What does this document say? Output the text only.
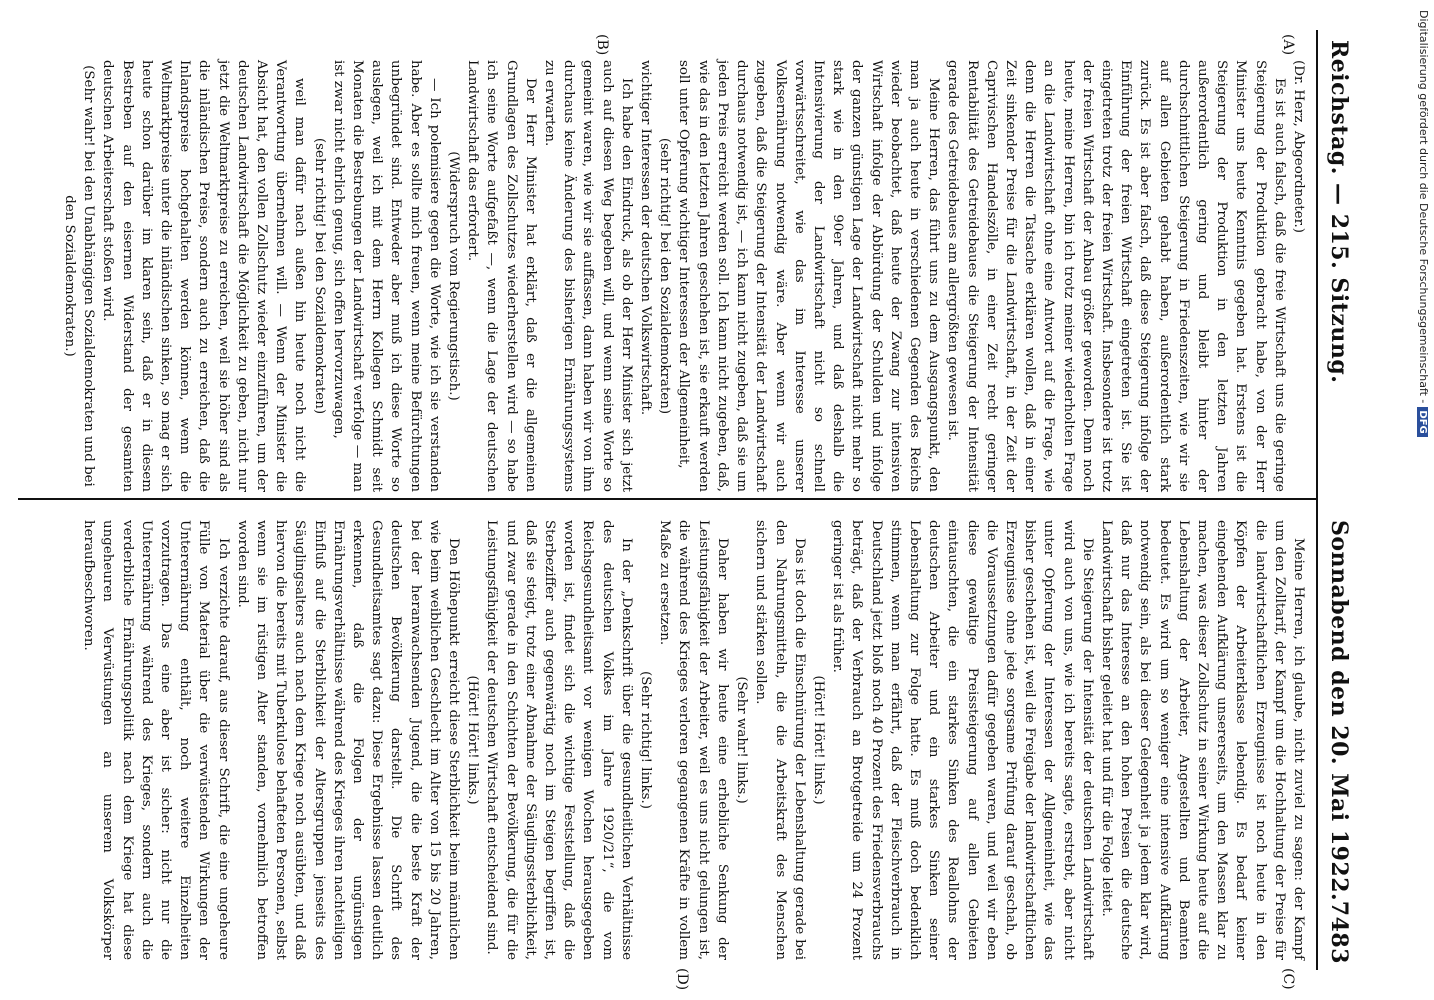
Reichstag. — 215. Sitzung.
Sonnabend den 20. Mai 1922.
7483
(A)
(B)
(C)
(D)

(Dr. Herz, Abgeordneter.)

Es ist auch falsch, daß die freie Wirtschaft uns die geringe Steigerung der Produktion gebracht habe, von der Herr Minister uns heute Kenntnis gegeben hat. Erstens ist die Steigerung der Produktion in den letzten Jahren außerordentlich gering und bleibt hinter der durchschnittlichen Steigerung in Friedenszeiten, wie wir sie auf allen Gebieten gehabt haben, außerordentlich stark zurück. Es ist aber falsch, daß diese Steigerung infolge der Einführung der freien Wirtschaft eingetreten ist. Sie ist eingetreten trotz der freien Wirtschaft. Insbesondere ist trotz der freien Wirtschaft der Anbau größer geworden. Denn noch heute, meine Herren, bin ich trotz meiner wiederholten Frage an die Landwirtschaft ohne eine Antwort auf die Frage, wie denn die Herren die Tatsache erklären wollen, daß in einer Zeit sinkender Preise für die Landwirtschaft, in der Zeit der Caprivischen Handelszölle, in einer Zeit recht geringer Rentabilität des Getreidebaues die Steigerung der Intensität gerade des Getreidebaues am allergrößten gewesen ist.

Meine Herren, das führt uns zu dem Ausgangspunkt, den man ja auch heute in verschiedenen Gegenden des Reichs wieder beobachtet, daß heute der Zwang zur intensiven Wirtschaft infolge der Abbürdung der Schulden und infolge der ganzen günstigen Lage der Landwirtschaft nicht mehr so stark wie in den 90er Jahren, und daß deshalb die Intensivierung der Landwirtschaft nicht so schnell vorwärtsschreitet, wie das im Interesse unserer Volksernährung notwendig wäre. Aber wenn wir auch zugeben, daß die Steigerung der Intensität der Landwirtschaft durchaus notwendig ist, — ich kann nicht zugeben, daß sie um jeden Preis erreicht werden soll. Ich kann nicht zugeben, daß, wie das in den letzten Jahren geschehen ist, sie erkauft werden soll unter Opferung wichtiger Interessen der Allgemeinheit,

(sehr richtig! bei den Sozialdemokraten)

wichtiger Interessen der deutschen Volkswirtschaft.

Ich habe den Eindruck, als ob der Herr Minister sich jetzt auch auf diesen Weg begeben will, und wenn seine Worte so gemeint waren, wie wir sie auffassen, dann haben wir von ihm durchaus keine Änderung des bisherigen Ernährungssystems zu erwarten.

Der Herr Minister hat erklärt, daß er die allgemeinen Grundlagen des Zollschutzes wiederherstellen wird — so habe ich seine Worte aufgefaßt —, wenn die Lage der deutschen Landwirtschaft das erfordert.

(Widerspruch vom Regierungstisch.)

— Ich polemisiere gegen die Worte, wie ich sie verstanden habe. Aber es sollte mich freuen, wenn meine Befürchtungen unbegründet sind. Entweder aber muß ich diese Worte so auslegen, weil ich mit dem Herrn Kollegen Schmidt seit Monaten die Bestrebungen der Landwirtschaft verfolge — man ist zwar nicht ehrlich genug, sich offen hervorzuwagen,

(sehr richtig! bei den Sozialdemokraten)

weil man dafür nach außen hin heute noch nicht die Verantwortung übernehmen will. — Wenn der Minister die Absicht hat, den vollen Zollschutz wieder einzuführen, um der deutschen Landwirtschaft die Möglichkeit zu geben, nicht nur jetzt die Weltmarktpreise zu erreichen, weil sie höher sind als die inländischen Preise, sondern auch zu erreichen, daß die Inlandspreise hochgehalten werden können, wenn die Weltmarktpreise unter die inländischen sinken, so mag er sich heute schon darüber im klaren sein, daß er in diesem Bestreben auf den eisernen Widerstand der gesamten deutschen Arbeiterschaft stoßen wird.

(Sehr wahr! bei den Unabhängigen Sozialdemokraten und bei den Sozialdemokraten.)

Meine Herren, ich glaube, nicht zuviel zu sagen: der Kampf um den Zolltarif, der Kampf um die Hochhaltung der Preise für die landwirtschaftlichen Erzeugnisse ist noch heute in den Köpfen der Arbeiterklasse lebendig. Es bedarf keiner eingehenden Aufklärung unsererseits, um den Massen klar zu machen, was dieser Zollschutz in seiner Wirkung heute auf die Lebenshaltung der Arbeiter, Angestellten und Beamten bedeutet. Es wird um so weniger eine intensive Aufklärung notwendig sein, als bei dieser Gelegenheit ja jedem klar wird, daß nur das Interesse an den hohen Preisen die deutsche Landwirtschaft bisher geleitet hat und für die Folge leitet.

Die Steigerung der Intensität der deutschen Landwirtschaft wird auch von uns, wie ich bereits sagte, erstrebt, aber nicht unter Opferung der Interessen der Allgemeinheit, wie das bisher geschehen ist, weil die Freigabe der landwirtschaftlichen Erzeugnisse ohne jede sorgsame Prüfung darauf geschah, ob die Voraussetzungen dafür gegeben waren, und weil wir eben diese gewaltige Preissteigerung auf allen Gebieten eintauschten, die ein starkes Sinken des Reallohns der deutschen Arbeiter und ein starkes Sinken seiner Lebenshaltung zur Folge hatte. Es muß doch bedenklich stimmen, wenn man erfährt, daß der Fleischverbrauch in Deutschland jetzt bloß noch 40 Prozent des Friedensverbrauchs beträgt, daß der Verbrauch an Brotgetreide um 24 Prozent geringer ist als früher.

(Hört! Hört! links.)

Das ist doch die Einschnürung der Lebenshaltung gerade bei den Nahrungsmitteln, die die Arbeitskraft des Menschen sichern und stärken sollen.

(Sehr wahr! links.)

Daher haben wir heute eine erhebliche Senkung der Leistungsfähigkeit der Arbeiter, weil es uns nicht gelungen ist, die während des Krieges verloren gegangenen Kräfte in vollem Maße zu ersetzen.

(Sehr richtig! links.)

In der „Denkschrift über die gesundheitlichen Verhältnisse des deutschen Volkes im Jahre 1920/21“, die vom Reichsgesundheitsamt vor wenigen Wochen herausgegeben worden ist, findet sich die wichtige Feststellung, daß die Sterbeziffer auch gegenwärtig noch im Steigen begriffen ist, daß sie steigt, trotz einer Abnahme der Säuglingssterblichkeit, und zwar gerade in den Schichten der Bevölkerung, die für die Leistungsfähigkeit der deutschen Wirtschaft entscheidend sind.

(Hört! Hört! links.)

Den Höhepunkt erreicht diese Sterblichkeit beim männlichen wie beim weiblichen Geschlecht im Alter von 15 bis 20 Jahren, bei der heranwachsenden Jugend, die die beste Kraft der deutschen Bevölkerung darstellt. Die Schrift des Gesundheitsamtes sagt dazu: Diese Ergebnisse lassen deutlich erkennen, daß die Folgen der ungünstigen Ernährungsverhältnisse während des Krieges ihren nachteiligen Einfluß auf die Sterblichkeit der Altersgruppen jenseits des Säuglingsalters auch nach dem Kriege noch ausübten, und daß hiervon die bereits mit Tuberkulose behafteten Personen, selbst wenn sie im rüstigen Alter standen, vornehmlich betroffen worden sind.

Ich verzichte darauf, aus dieser Schrift, die eine ungeheure Fülle von Material über die verwüstenden Wirkungen der Unterernährung enthält, noch weitere Einzelheiten vorzutragen. Das eine aber ist sicher: nicht nur die Unterernährung während des Krieges, sondern auch die verderbliche Ernährungspolitik nach dem Kriege hat diese ungeheuren Verwüstungen an unserem Volkskörper heraufbeschworen.

Digitalisierung gefördert durch die Deutsche Forschungsgemeinschaft -DFG
